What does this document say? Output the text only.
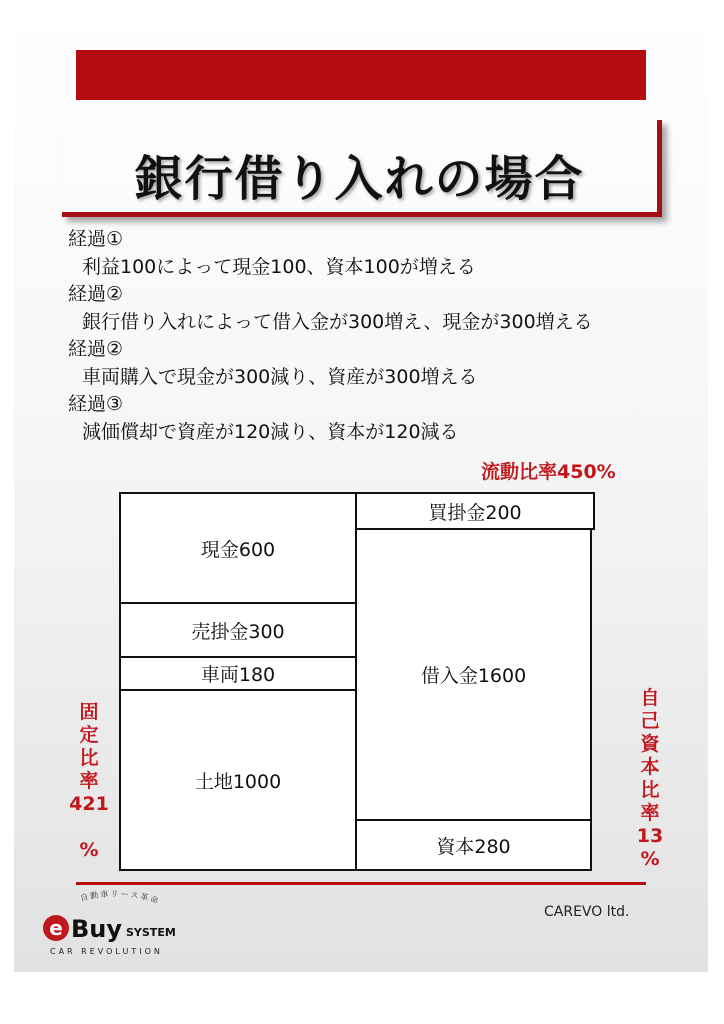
銀行借り入れの場合
経過①
利益100によって現金100、資本100が増える
経過②
銀行借り入れによって借入金が300増え、現金が300増える
経過②
車両購入で現金が300減り、資産が300増える
経過③
減価償却で資産が120減り、資本が120減る
流動比率450%
現金600
売掛金300
車両180
土地1000
買掛金200
借入金1600
資本280
固
定
比
率
421
%
自
己
資
本
比
率
13
%
CAREVO ltd.
自動車リース革命
e Buy SYSTEM
CAR REVOLUTION
